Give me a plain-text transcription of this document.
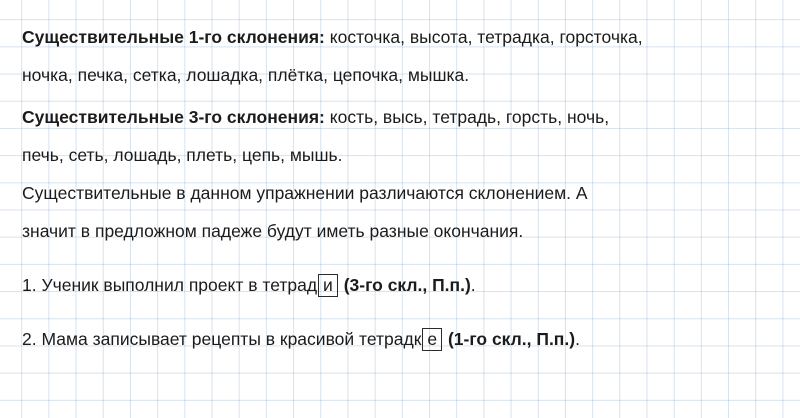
Существительные 1-го склонения: косточка, высота, тетрадка, горсточка,
ночка, печка, сетка, лошадка, плётка, цепочка, мышка.
Существительные 3-го склонения: кость, высь, тетрадь, горсть, ночь,
печь, сеть, лошадь, плеть, цепь, мышь.
Существительные в данном упражнении различаются склонением. А
значит в предложном падеже будут иметь разные окончания.
1. Ученик выполнил проект в тетрад и (3-го скл., П.п.).
2. Мама записывает рецепты в красивой тетрадк е (1-го скл., П.п.).
